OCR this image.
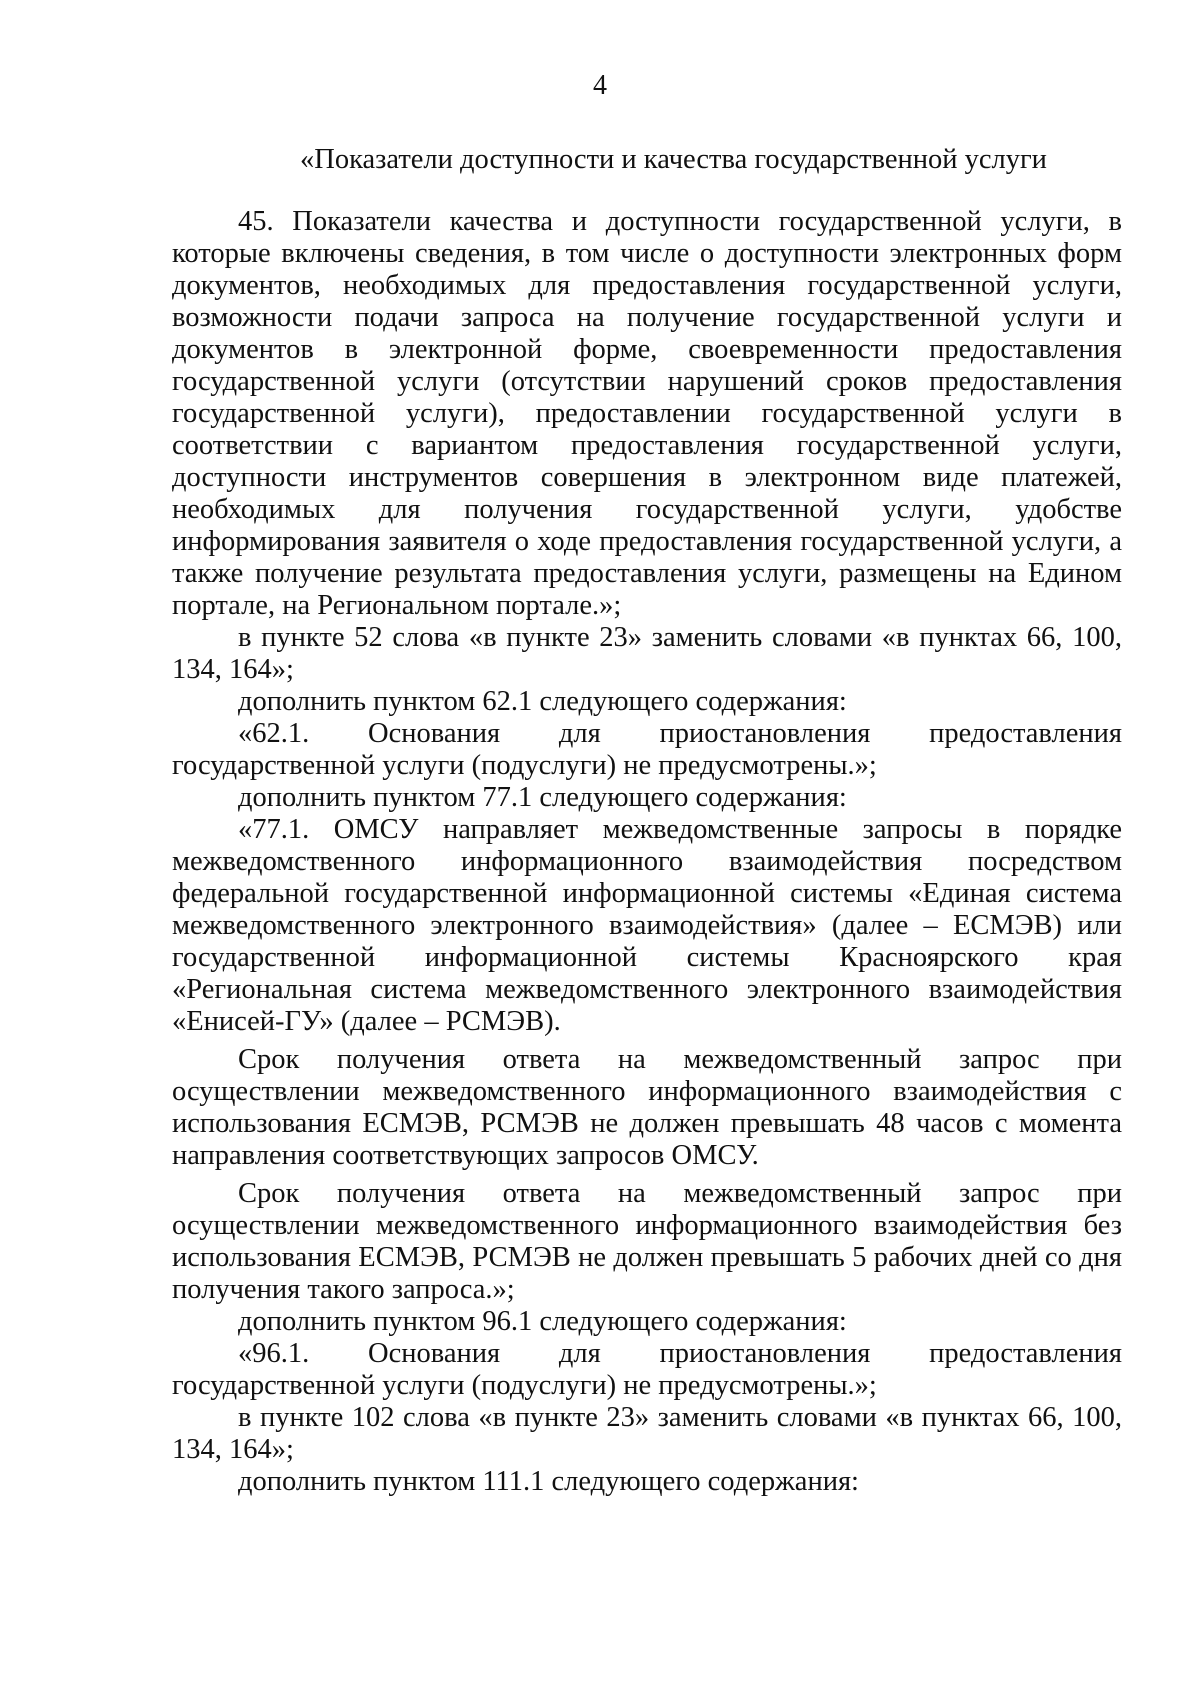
4
«Показатели доступности и качества государственной услуги

45. Показатели качества и доступности государственной услуги, в которые включены сведения, в том числе о доступности электронных форм документов, необходимых для предоставления государственной услуги, возможности подачи запроса на получение государственной услуги и документов в электронной форме, своевременности предоставления государственной услуги (отсутствии нарушений сроков предоставления государственной услуги), предоставлении государственной услуги в соответствии с вариантом предоставления государственной услуги, доступности инструментов совершения в электронном виде платежей, необходимых для получения государственной услуги, удобстве информирования заявителя о ходе предоставления государственной услуги, а также получение результата предоставления услуги, размещены на Едином портале, на Региональном портале.»;

в пункте 52 слова «в пункте 23» заменить словами «в пунктах 66, 100, 134, 164»;

дополнить пунктом 62.1 следующего содержания:

«62.1. Основания для приостановления предоставления государственной услуги (подуслуги) не предусмотрены.»;

дополнить пунктом 77.1 следующего содержания:

«77.1. ОМСУ направляет межведомственные запросы в порядке межведомственного информационного взаимодействия посредством федеральной государственной информационной системы «Единая система межведомственного электронного взаимодействия» (далее – ЕСМЭВ) или государственной информационной системы Красноярского края «Региональная система межведомственного электронного взаимодействия «Енисей-ГУ» (далее – РСМЭВ).

Срок получения ответа на межведомственный запрос при осуществлении межведомственного информационного взаимодействия с использования ЕСМЭВ, РСМЭВ не должен превышать 48 часов с момента направления соответствующих запросов ОМСУ.

Срок получения ответа на межведомственный запрос при осуществлении межведомственного информационного взаимодействия без использования ЕСМЭВ, РСМЭВ не должен превышать 5 рабочих дней со дня получения такого запроса.»;

дополнить пунктом 96.1 следующего содержания:

«96.1. Основания для приостановления предоставления государственной услуги (подуслуги) не предусмотрены.»;

в пункте 102 слова «в пункте 23» заменить словами «в пунктах 66, 100, 134, 164»;

дополнить пунктом 111.1 следующего содержания:
